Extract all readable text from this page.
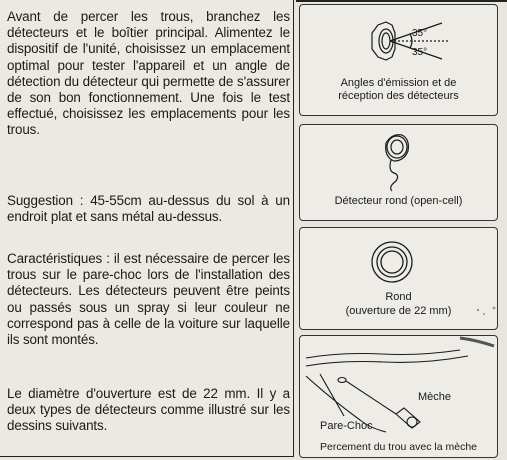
Avant de percer les trous, branchez les détecteurs et le boîtier principal. Alimentez le dispositif de l'unité, choisissez un emplacement optimal pour tester l'appareil et un angle de détection du détecteur qui permette de s'assurer de son bon fonctionnement. Une fois le test effectué, choisissez les emplacements pour les trous.

Suggestion : 45-55cm au-dessus du sol à un endroit plat et sans métal au-dessus.

Caractéristiques : il est nécessaire de percer les trous sur le pare-choc lors de l'installation des détecteurs. Les détecteurs peuvent être peints ou passés sous un spray si leur couleur ne correspond pas à celle de la voiture sur laquelle ils sont montés.

Le diamètre d'ouverture est de 22 mm. Il y a deux types de détecteurs comme illustré sur les dessins suivants.

35°
35°

Angles d'émission et de

réception des détecteurs

Détecteur rond (open-cell)

Rond

(ouverture de 22 mm)

Mèche
Pare-Choc

Percement du trou avec la mèche
